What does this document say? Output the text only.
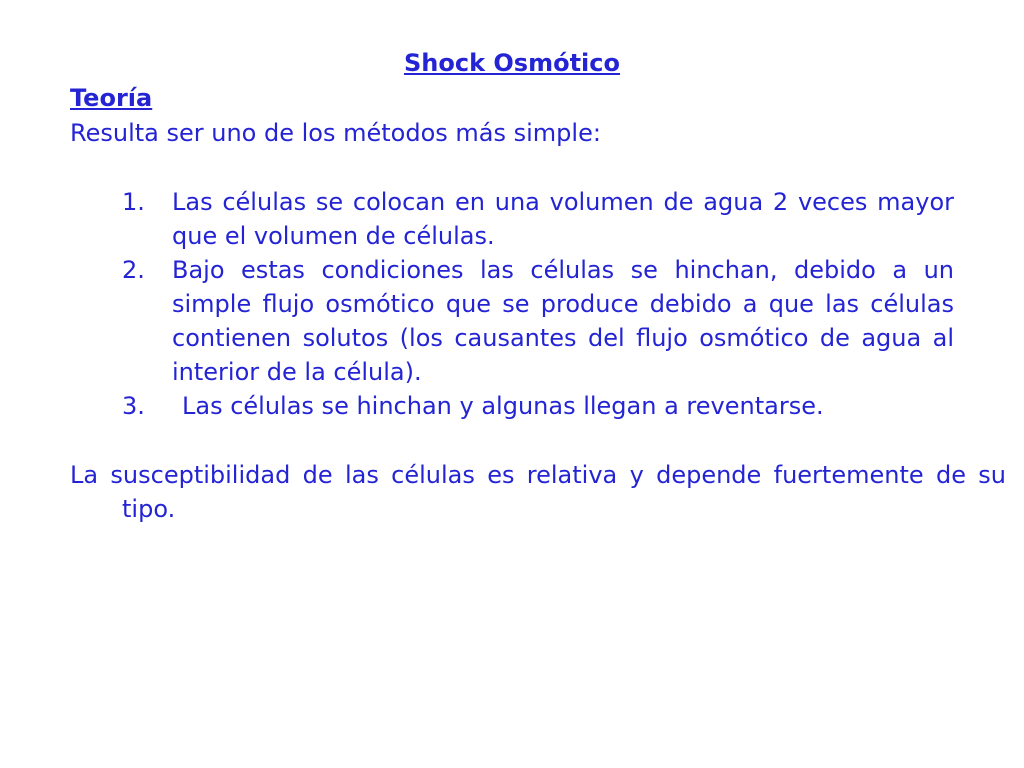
Shock Osmótico
Teoría

Resulta ser uno de los métodos más simple:

1.	Las células se colocan en una volumen de agua 2 veces mayor que el volumen de células.
2.	Bajo estas condiciones las células se hinchan, debido a un simple flujo osmótico que se produce debido a que las células contienen solutos (los causantes del flujo osmótico de agua al interior de la célula).
3.	Las células se hinchan y algunas llegan a reventarse.

La susceptibilidad de las células es relativa y depende fuertemente de su tipo.
